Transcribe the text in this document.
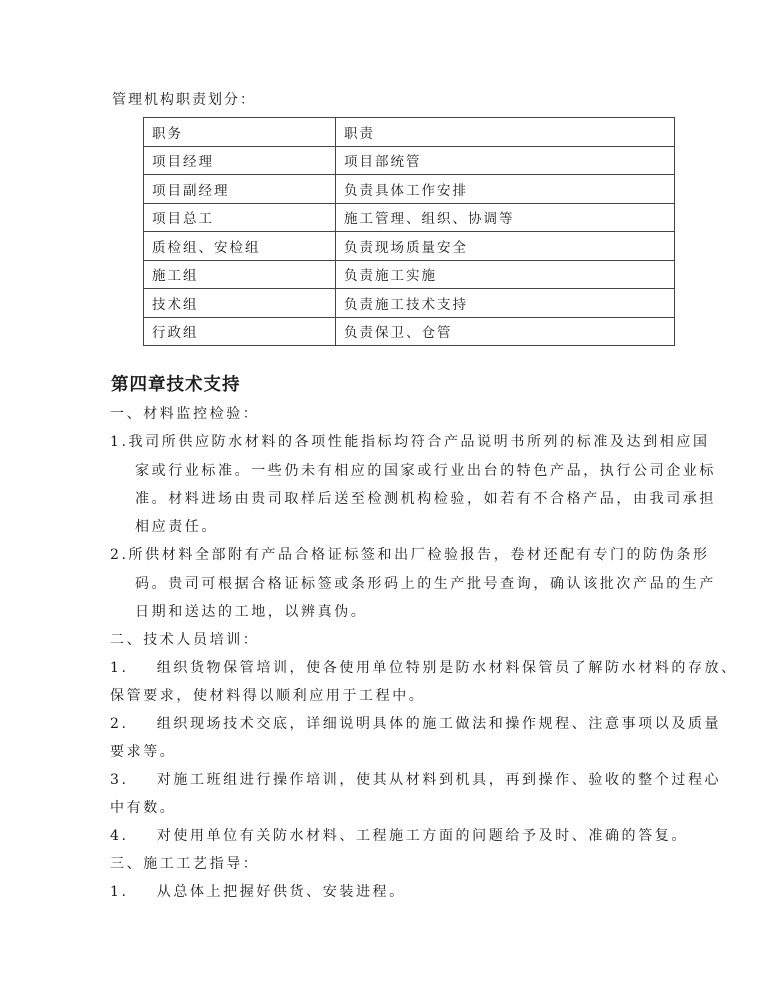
管理机构职责划分：
职务	职责
项目经理	项目部统管
项目副经理	负责具体工作安排
项目总工	施工管理、组织、协调等
质检组、安检组	负责现场质量安全
施工组	负责施工实施
技术组	负责施工技术支持
行政组	负责保卫、仓管
第四章技术支持
一、材料监控检验：
1.我司所供应防水材料的各项性能指标均符合产品说明书所列的标准及达到相应国
家或行业标准。一些仍未有相应的国家或行业出台的特色产品，执行公司企业标
准。材料进场由贵司取样后送至检测机构检验，如若有不合格产品，由我司承担
相应责任。
2.所供材料全部附有产品合格证标签和出厂检验报告，卷材还配有专门的防伪条形
码。贵司可根据合格证标签或条形码上的生产批号查询，确认该批次产品的生产
日期和送达的工地，以辨真伪。
二、技术人员培训：
1.    组织货物保管培训，使各使用单位特别是防水材料保管员了解防水材料的存放、
保管要求，使材料得以顺利应用于工程中。
2.    组织现场技术交底，详细说明具体的施工做法和操作规程、注意事项以及质量
要求等。
3.    对施工班组进行操作培训，使其从材料到机具，再到操作、验收的整个过程心
中有数。
4.    对使用单位有关防水材料、工程施工方面的问题给予及时、准确的答复。
三、施工工艺指导：
1.    从总体上把握好供货、安装进程。
